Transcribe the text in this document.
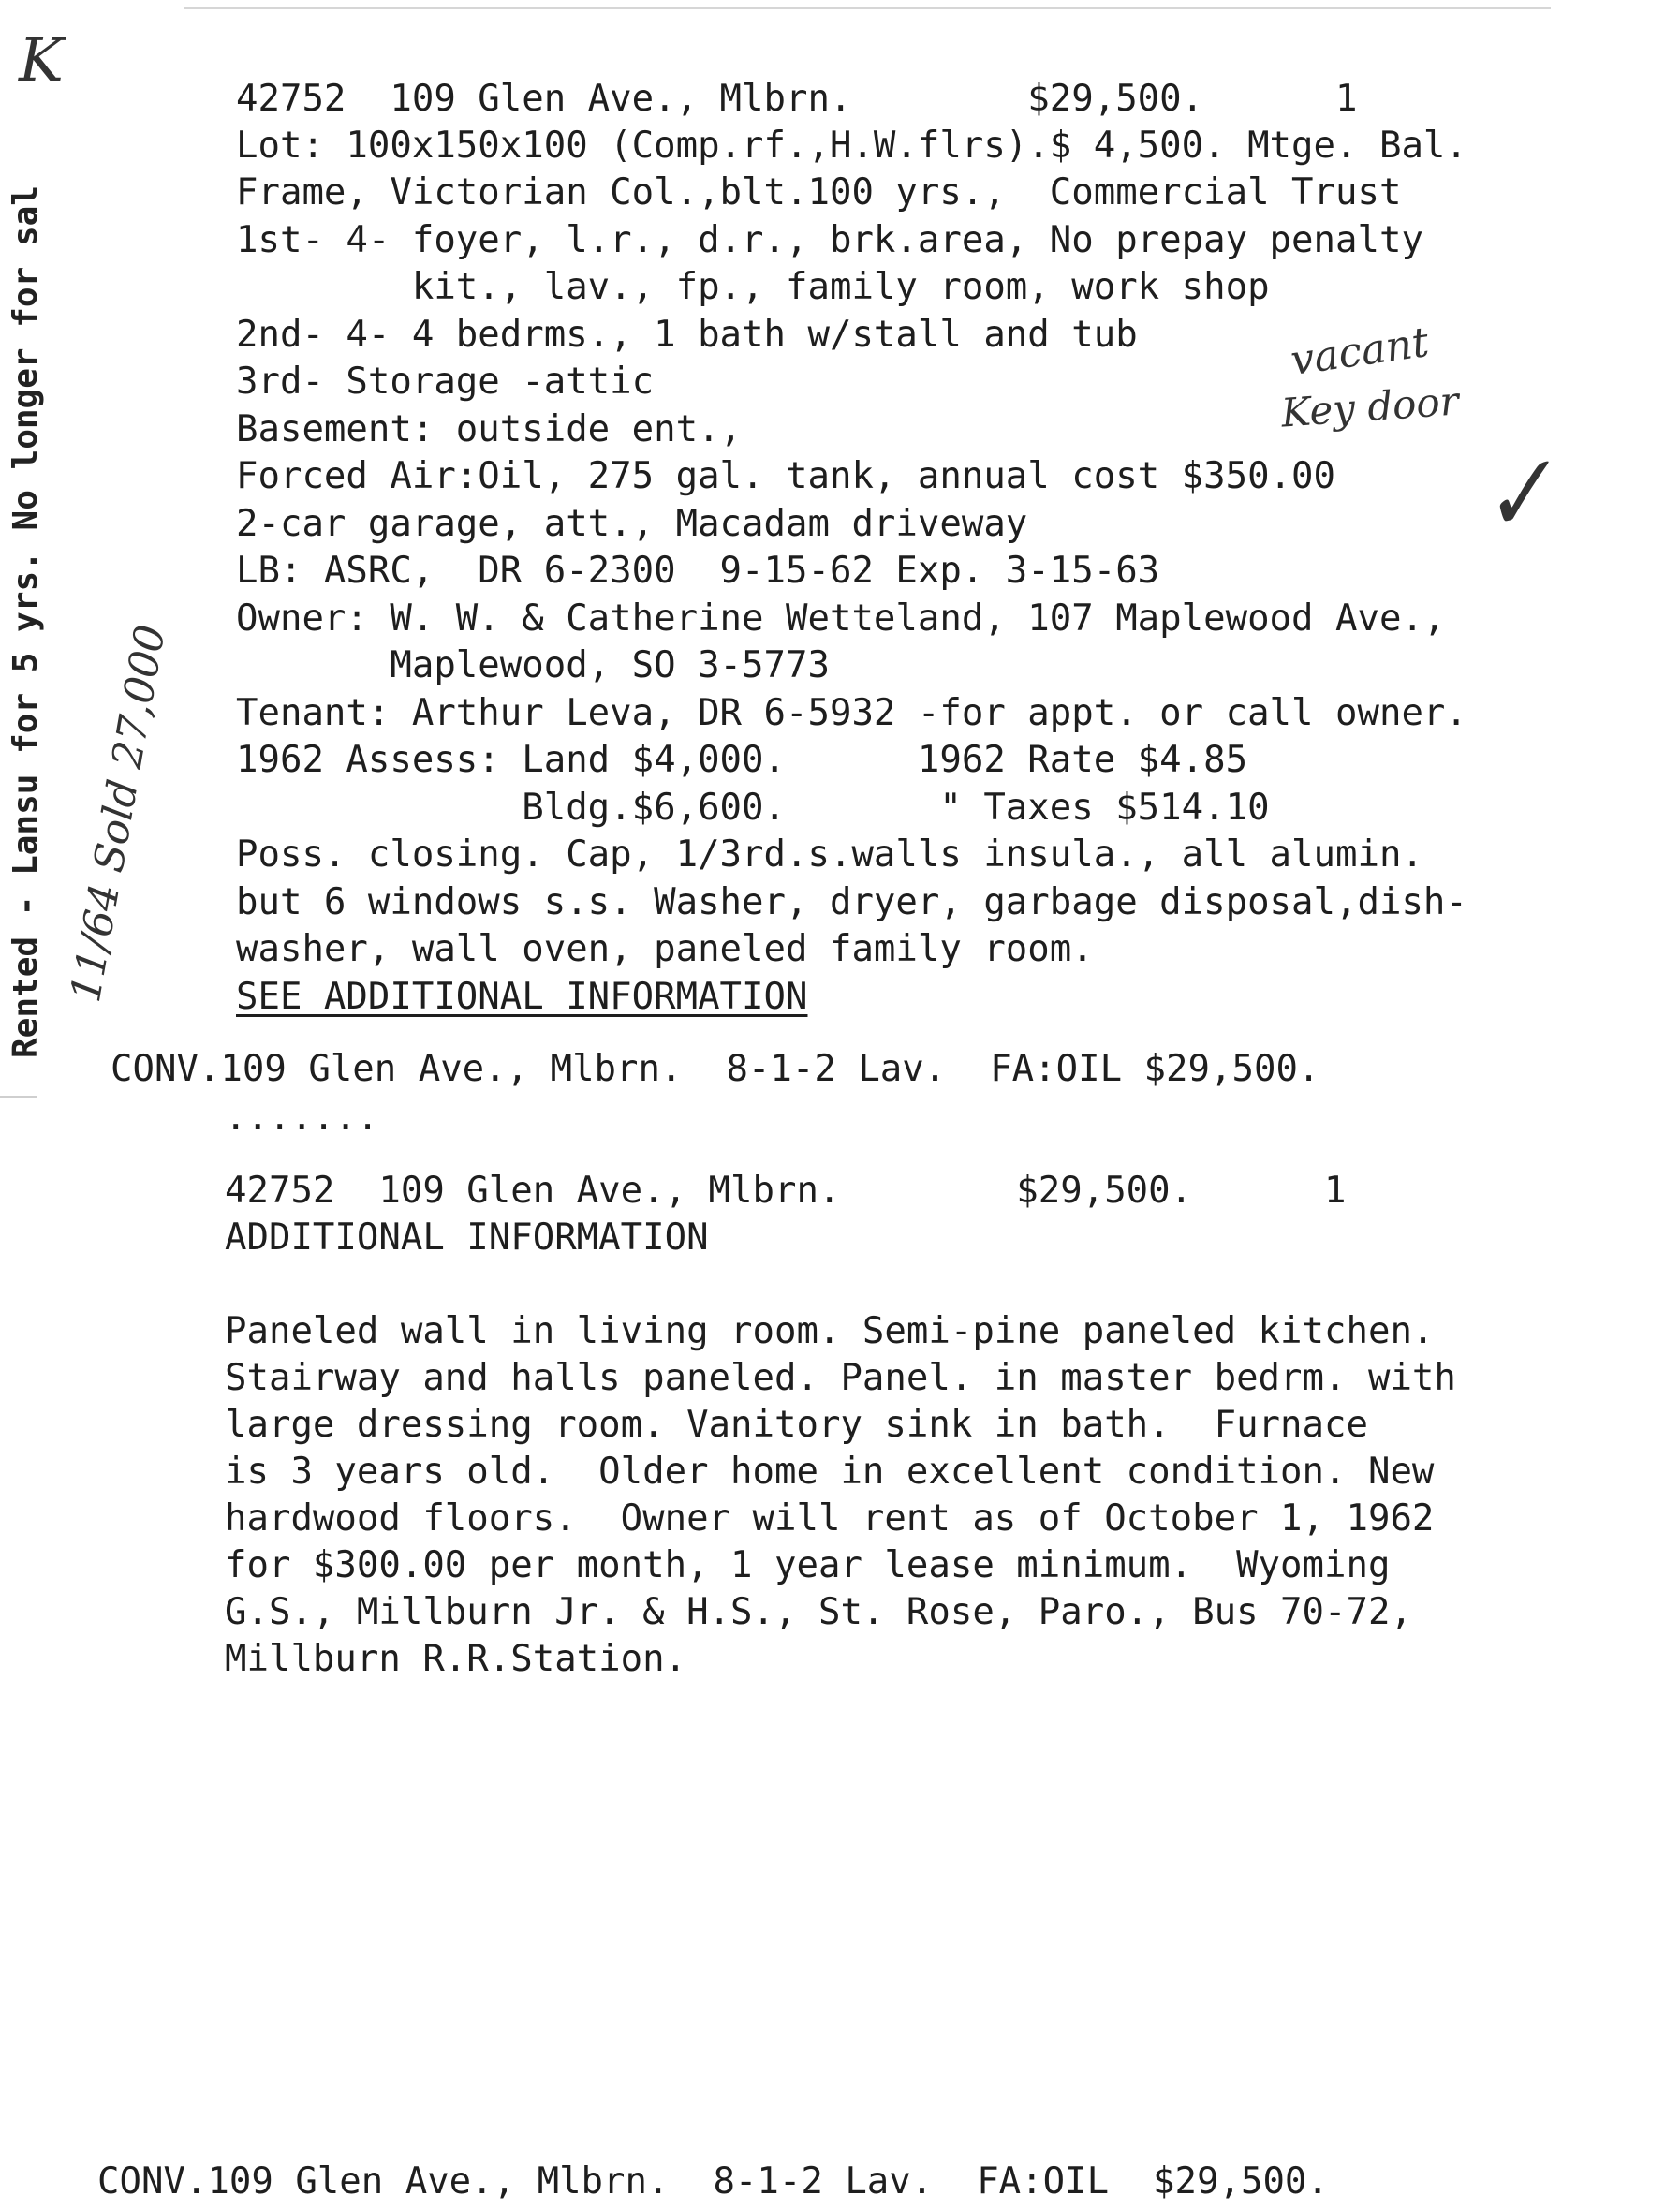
Rented - Lansu for 5 yrs. No longer for sal 11/64 Sold 27,000
vacant
Key door
K
✓
42752  109 Glen Ave., Mlbrn.        $29,500.      1
Lot: 100x150x100 (Comp.rf.,H.W.flrs).$ 4,500. Mtge. Bal.
Frame, Victorian Col.,blt.100 yrs.,  Commercial Trust
1st- 4- foyer, l.r., d.r., brk.area, No prepay penalty
kit., lav., fp., family room, work shop
2nd- 4- 4 bedrms., 1 bath w/stall and tub
3rd- Storage -attic
Basement: outside ent.,
Forced Air:Oil, 275 gal. tank, annual cost $350.00
2-car garage, att., Macadam driveway
LB: ASRC,  DR 6-2300  9-15-62 Exp. 3-15-63
Owner: W. W. & Catherine Wetteland, 107 Maplewood Ave.,
Maplewood, SO 3-5773
Tenant: Arthur Leva, DR 6-5932 -for appt. or call owner.
1962 Assess: Land $4,000.      1962 Rate $4.85
Bldg.$6,600.       " Taxes $514.10
Poss. closing. Cap, 1/3rd.s.walls insula., all alumin.
but 6 windows s.s. Washer, dryer, garbage disposal,dish-
washer, wall oven, paneled family room.
SEE ADDITIONAL INFORMATION
CONV.109 Glen Ave., Mlbrn.  8-1-2 Lav.  FA:OIL $29,500.
.......
42752  109 Glen Ave., Mlbrn.        $29,500.      1
ADDITIONAL INFORMATION
Paneled wall in living room. Semi-pine paneled kitchen.
Stairway and halls paneled. Panel. in master bedrm. with
large dressing room. Vanitory sink in bath.  Furnace
is 3 years old.  Older home in excellent condition. New
hardwood floors.  Owner will rent as of October 1, 1962
for $300.00 per month, 1 year lease minimum.  Wyoming
G.S., Millburn Jr. & H.S., St. Rose, Paro., Bus 70-72,
Millburn R.R.Station.
CONV.109 Glen Ave., Mlbrn.  8-1-2 Lav.  FA:OIL  $29,500.
